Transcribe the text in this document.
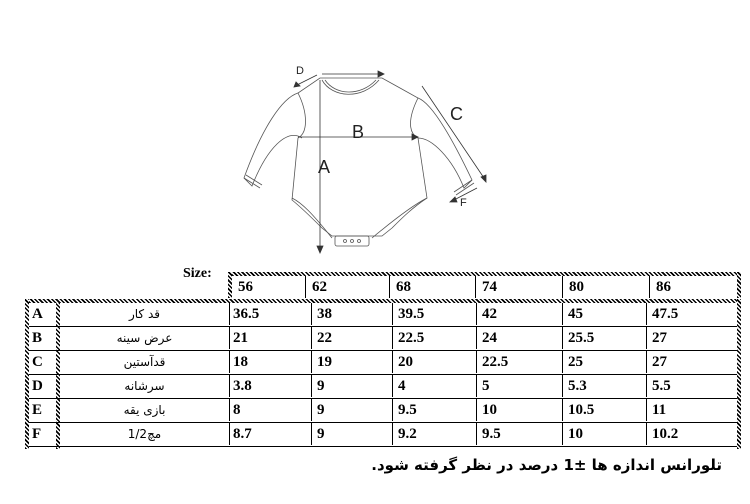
D
B
A
C
F
Size:
56	62	68	74	80	86
A	قد کار	36.5	38	39.5	42	45	47.5
B	عرض سینه	21	22	22.5	24	25.5	27
C	قدآستین	18	19	20	22.5	25	27
D	سرشانه	3.8	9	4	5	5.3	5.5
E	بازی یقه	8	9	9.5	10	10.5	11
F	مچ1/2	8.7	9	9.2	9.5	10	10.2
تلورانس اندازه ها ±1 درصد در نظر گرفته شود.
